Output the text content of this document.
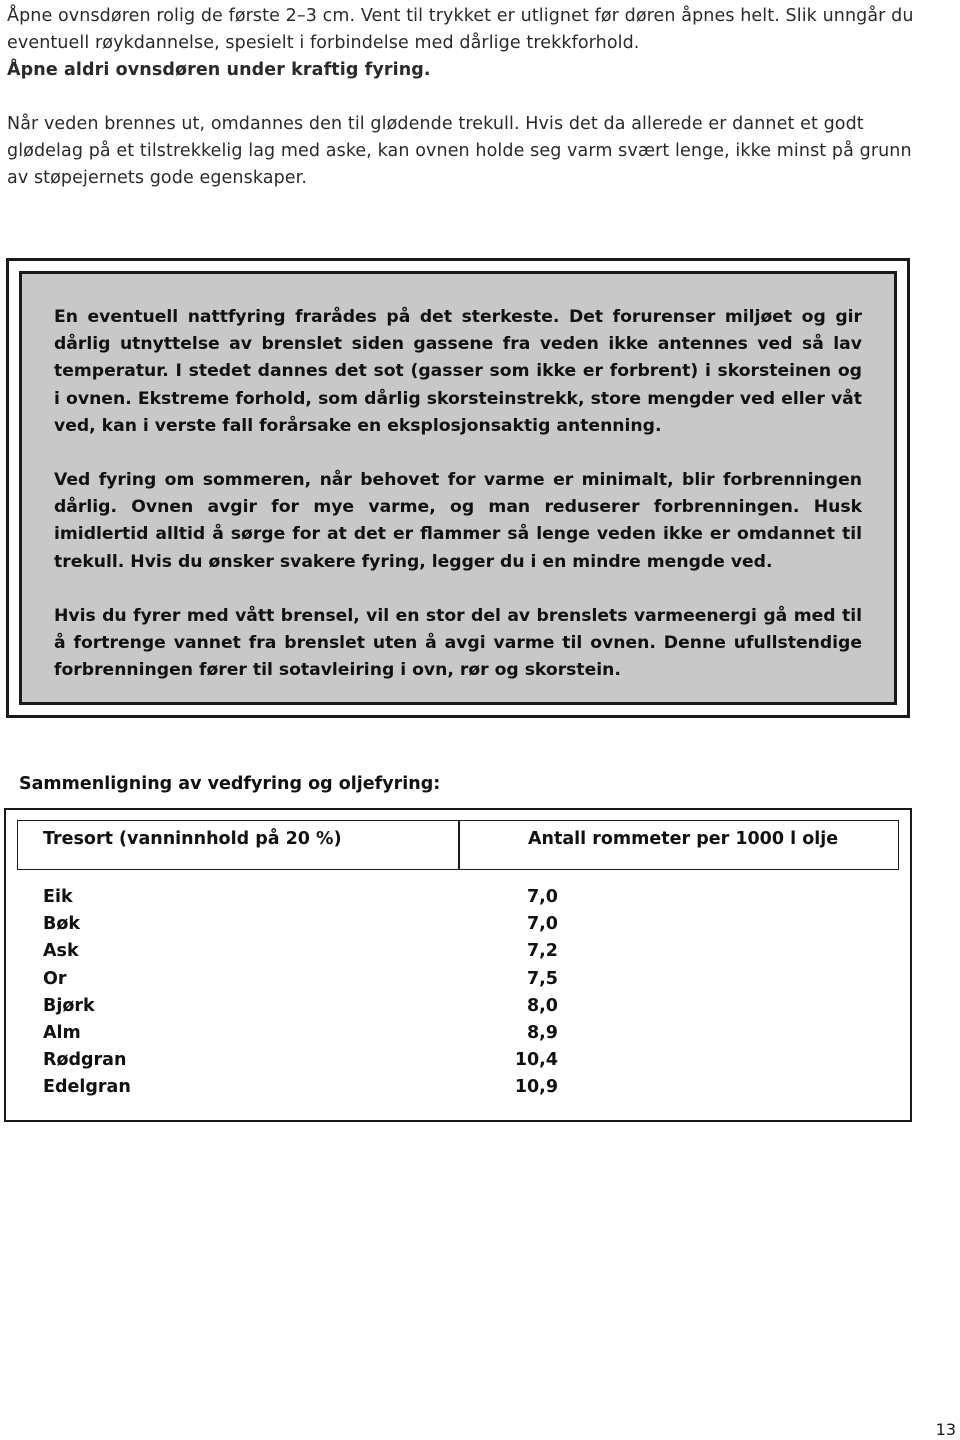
Åpne ovnsdøren rolig de første 2–3 cm. Vent til trykket er utlignet før døren åpnes helt. Slik unngår du eventuell røykdannelse, spesielt i forbindelse med dårlige trekkforhold.
Åpne aldri ovnsdøren under kraftig fyring.

Når veden brennes ut, omdannes den til glødende trekull. Hvis det da allerede er dannet et godt glødelag på et tilstrekkelig lag med aske, kan ovnen holde seg varm svært lenge, ikke minst på grunn av støpejernets gode egenskaper.

En eventuell nattfyring frarådes på det sterkeste. Det forurenser miljøet og gir dårlig utnyttelse av brenslet siden gassene fra veden ikke antennes ved så lav temperatur. I stedet dannes det sot (gasser som ikke er forbrent) i skorsteinen og i ovnen. Ekstreme forhold, som dårlig skorsteinstrekk, store mengder ved eller våt ved, kan i verste fall forårsake en eksplosjonsaktig antenning.

Ved fyring om sommeren, når behovet for varme er minimalt, blir forbrenningen dårlig. Ovnen avgir for mye varme, og man reduserer forbrenningen. Husk imidlertid alltid å sørge for at det er flammer så lenge veden ikke er omdannet til trekull. Hvis du ønsker svakere fyring, legger du i en mindre mengde ved.

Hvis du fyrer med vått brensel, vil en stor del av brenslets varmeenergi gå med til å fortrenge vannet fra brenslet uten å avgi varme til ovnen. Denne ufullstendige forbrenningen fører til sotavleiring i ovn, rør og skorstein.

Sammenligning av vedfyring og oljefyring:
Tresort (vanninnhold på 20 %)	Antall rommeter per 1000 l olje
Eik	7,0
Bøk	7,0
Ask	7,2
Or	7,5
Bjørk	8,0
Alm	8,9
Rødgran	10,4
Edelgran	10,9
13
